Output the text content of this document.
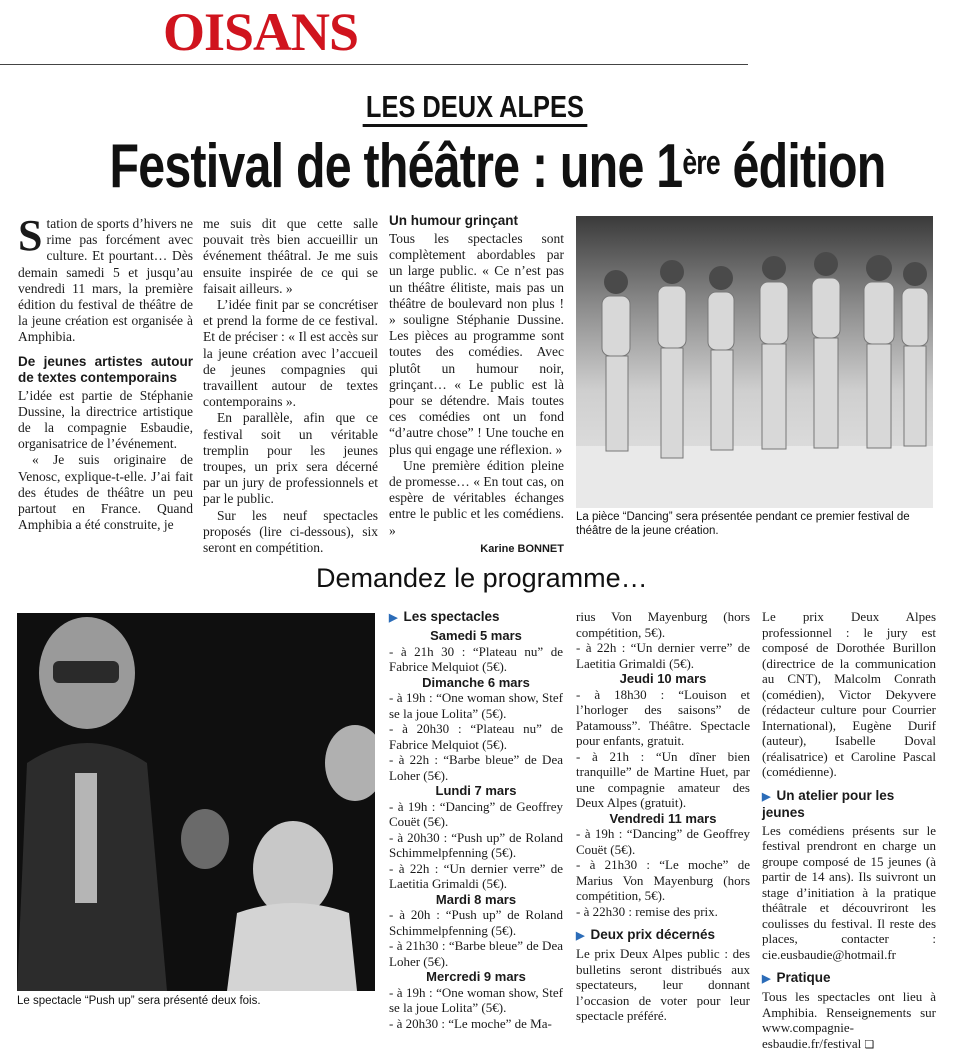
OISANS
LES DEUX ALPES
Festival de théâtre : une 1ère édition

Station de sports d’hivers ne rime pas forcément avec culture. Et pourtant… Dès demain samedi 5 et jusqu’au vendredi 11 mars, la première édition du festival de théâtre de la jeune création est organisée à Amphibia.

De jeunes artistes autour de textes contemporains

L’idée est partie de Stéphanie Dussine, la directrice artistique de la compagnie Esbaudie, organisatrice de l’événement.

« Je suis originaire de Venosc, explique-t-elle. J’ai fait des études de théâtre un peu partout en France. Quand Amphibia a été construite, je

me suis dit que cette salle pouvait très bien accueillir un événement théâtral. Je me suis ensuite inspirée de ce qui se faisait ailleurs. »

L’idée finit par se concrétiser et prend la forme de ce festival. Et de préciser : « Il est accès sur la jeune création avec l’accueil de jeunes compagnies qui travaillent autour de textes contemporains ».

En parallèle, afin que ce festival soit un véritable tremplin pour les jeunes troupes, un prix sera décerné par un jury de professionnels et par le public.

Sur les neuf spectacles proposés (lire ci-dessous), six seront en compétition.

Un humour grinçant

Tous les spectacles sont complètement abordables par un large public. « Ce n’est pas un théâtre élitiste, mais pas un théâtre de boulevard non plus ! » souligne Stéphanie Dussine. Les pièces au programme sont toutes des comédies. Avec plutôt un humour noir, grinçant… « Le public est là pour se détendre. Mais toutes ces comédies ont un fond “d’autre chose” ! Une touche en plus qui engage une réflexion. »

Une première édition pleine de promesse… « En tout cas, on espère de véritables échanges entre le public et les comédiens. »

Karine BONNET
La pièce “Dancing” sera présentée pendant ce premier festival de théâtre de la jeune création.
Demandez le programme…
Le spectacle “Push up” sera présenté deux fois.
▶ Les spectacles
Samedi 5 mars
- à 21h 30 : “Plateau nu” de Fabrice Melquiot (5€).
Dimanche 6 mars
- à 19h : “One woman show, Stef se la joue Lolita” (5€).
- à 20h30 : “Plateau nu” de Fabrice Melquiot (5€).
- à 22h : “Barbe bleue” de Dea Loher (5€).
Lundi 7 mars
- à 19h : “Dancing” de Geoffrey Couët (5€).
- à 20h30 : “Push up” de Roland Schimmelpfenning (5€).
- à 22h : “Un dernier verre” de Laetitia Grimaldi (5€).
Mardi 8 mars
- à 20h : “Push up” de Roland Schimmelpfenning (5€).
- à 21h30 : “Barbe bleue” de Dea Loher (5€).
Mercredi 9 mars
- à 19h : “One woman show, Stef se la joue Lolita” (5€).
- à 20h30 : “Le moche” de Ma-
rius Von Mayenburg (hors compétition, 5€).
- à 22h : “Un dernier verre” de Laetitia Grimaldi (5€).
Jeudi 10 mars
- à 18h30 : “Louison et l’horloger des saisons” de Patamouss”. Théâtre. Spectacle pour enfants, gratuit.
- à 21h : “Un dîner bien tranquille” de Martine Huet, par une compagnie amateur des Deux Alpes (gratuit).
Vendredi 11 mars
- à 19h : “Dancing” de Geoffrey Couët (5€).
- à 21h30 : “Le moche” de Marius Von Mayenburg (hors compétition, 5€).
- à 22h30 : remise des prix.
▶ Deux prix décernés
Le prix Deux Alpes public : des bulletins seront distribués aux spectateurs, leur donnant l’occasion de voter pour leur spectacle préféré.
Le prix Deux Alpes professionnel : le jury est composé de Dorothée Burillon (directrice de la communication au CNT), Malcolm Conrath (comédien), Victor Dekyvere (rédacteur culture pour Courrier International), Eugène Durif (auteur), Isabelle Doval (réalisatrice) et Caroline Pascal (comédienne).
▶ Un atelier pour les jeunes
Les comédiens présents sur le festival prendront en charge un groupe composé de 15 jeunes (à partir de 14 ans). Ils suivront un stage d’initiation à la pratique théâtrale et découvriront les coulisses du festival. Il reste des places, contacter : cie.eusbaudie@hotmail.fr
▶ Pratique
Tous les spectacles ont lieu à Amphibia. Renseignements sur www.compagnie-esbaudie.fr/festival ❏
